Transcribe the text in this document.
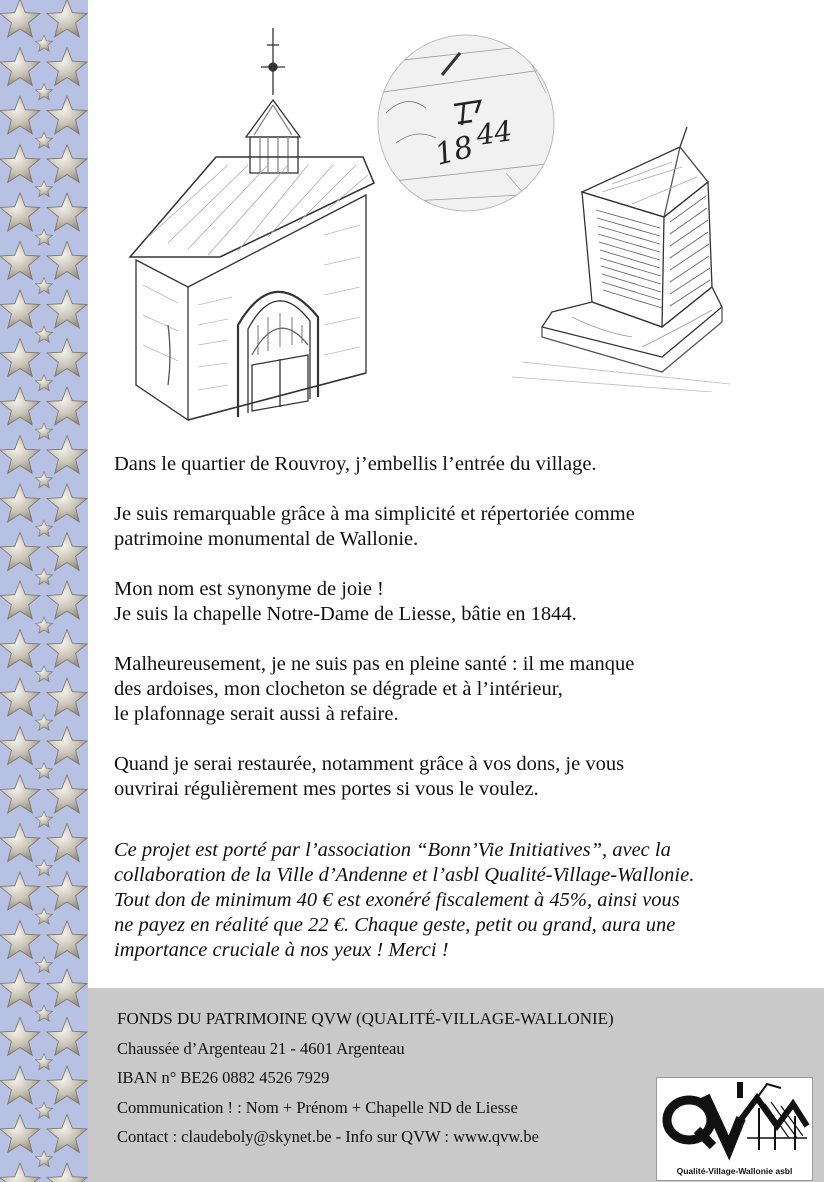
18
44

Dans le quartier de Rouvroy, j’embellis l’entrée du village.

Je suis remarquable grâce à ma simplicité et répertoriée comme
patrimoine monumental de Wallonie.

Mon nom est synonyme de joie !
Je suis la chapelle Notre-Dame de Liesse, bâtie en 1844.

Malheureusement, je ne suis pas en pleine santé : il me manque
des ardoises, mon clocheton se dégrade et à l’intérieur,
le plafonnage serait aussi à refaire.

Quand je serai restaurée, notamment grâce à vos dons, je vous
ouvrirai régulièrement mes portes si vous le voulez.

Ce projet est porté par l’association “Bonn’Vie Initiatives”, avec la
collaboration de la Ville d’Andenne et l’asbl Qualité-Village-Wallonie.
Tout don de minimum 40 € est exonéré fiscalement à 45%, ainsi vous
ne payez en réalité que 22 €. Chaque geste, petit ou grand, aura une
importance cruciale à nos yeux ! Merci !
FONDS DU PATRIMOINE QVW (QUALITÉ-VILLAGE-WALLONIE)
Chaussée d’Argenteau 21 - 4601 Argenteau
IBAN n° BE26 0882 4526 7929
Communication ! : Nom + Prénom + Chapelle ND de Liesse
Contact : claudeboly@skynet.be - Info sur QVW : www.qvw.be
Qualité-Village-Wallonie asbl
